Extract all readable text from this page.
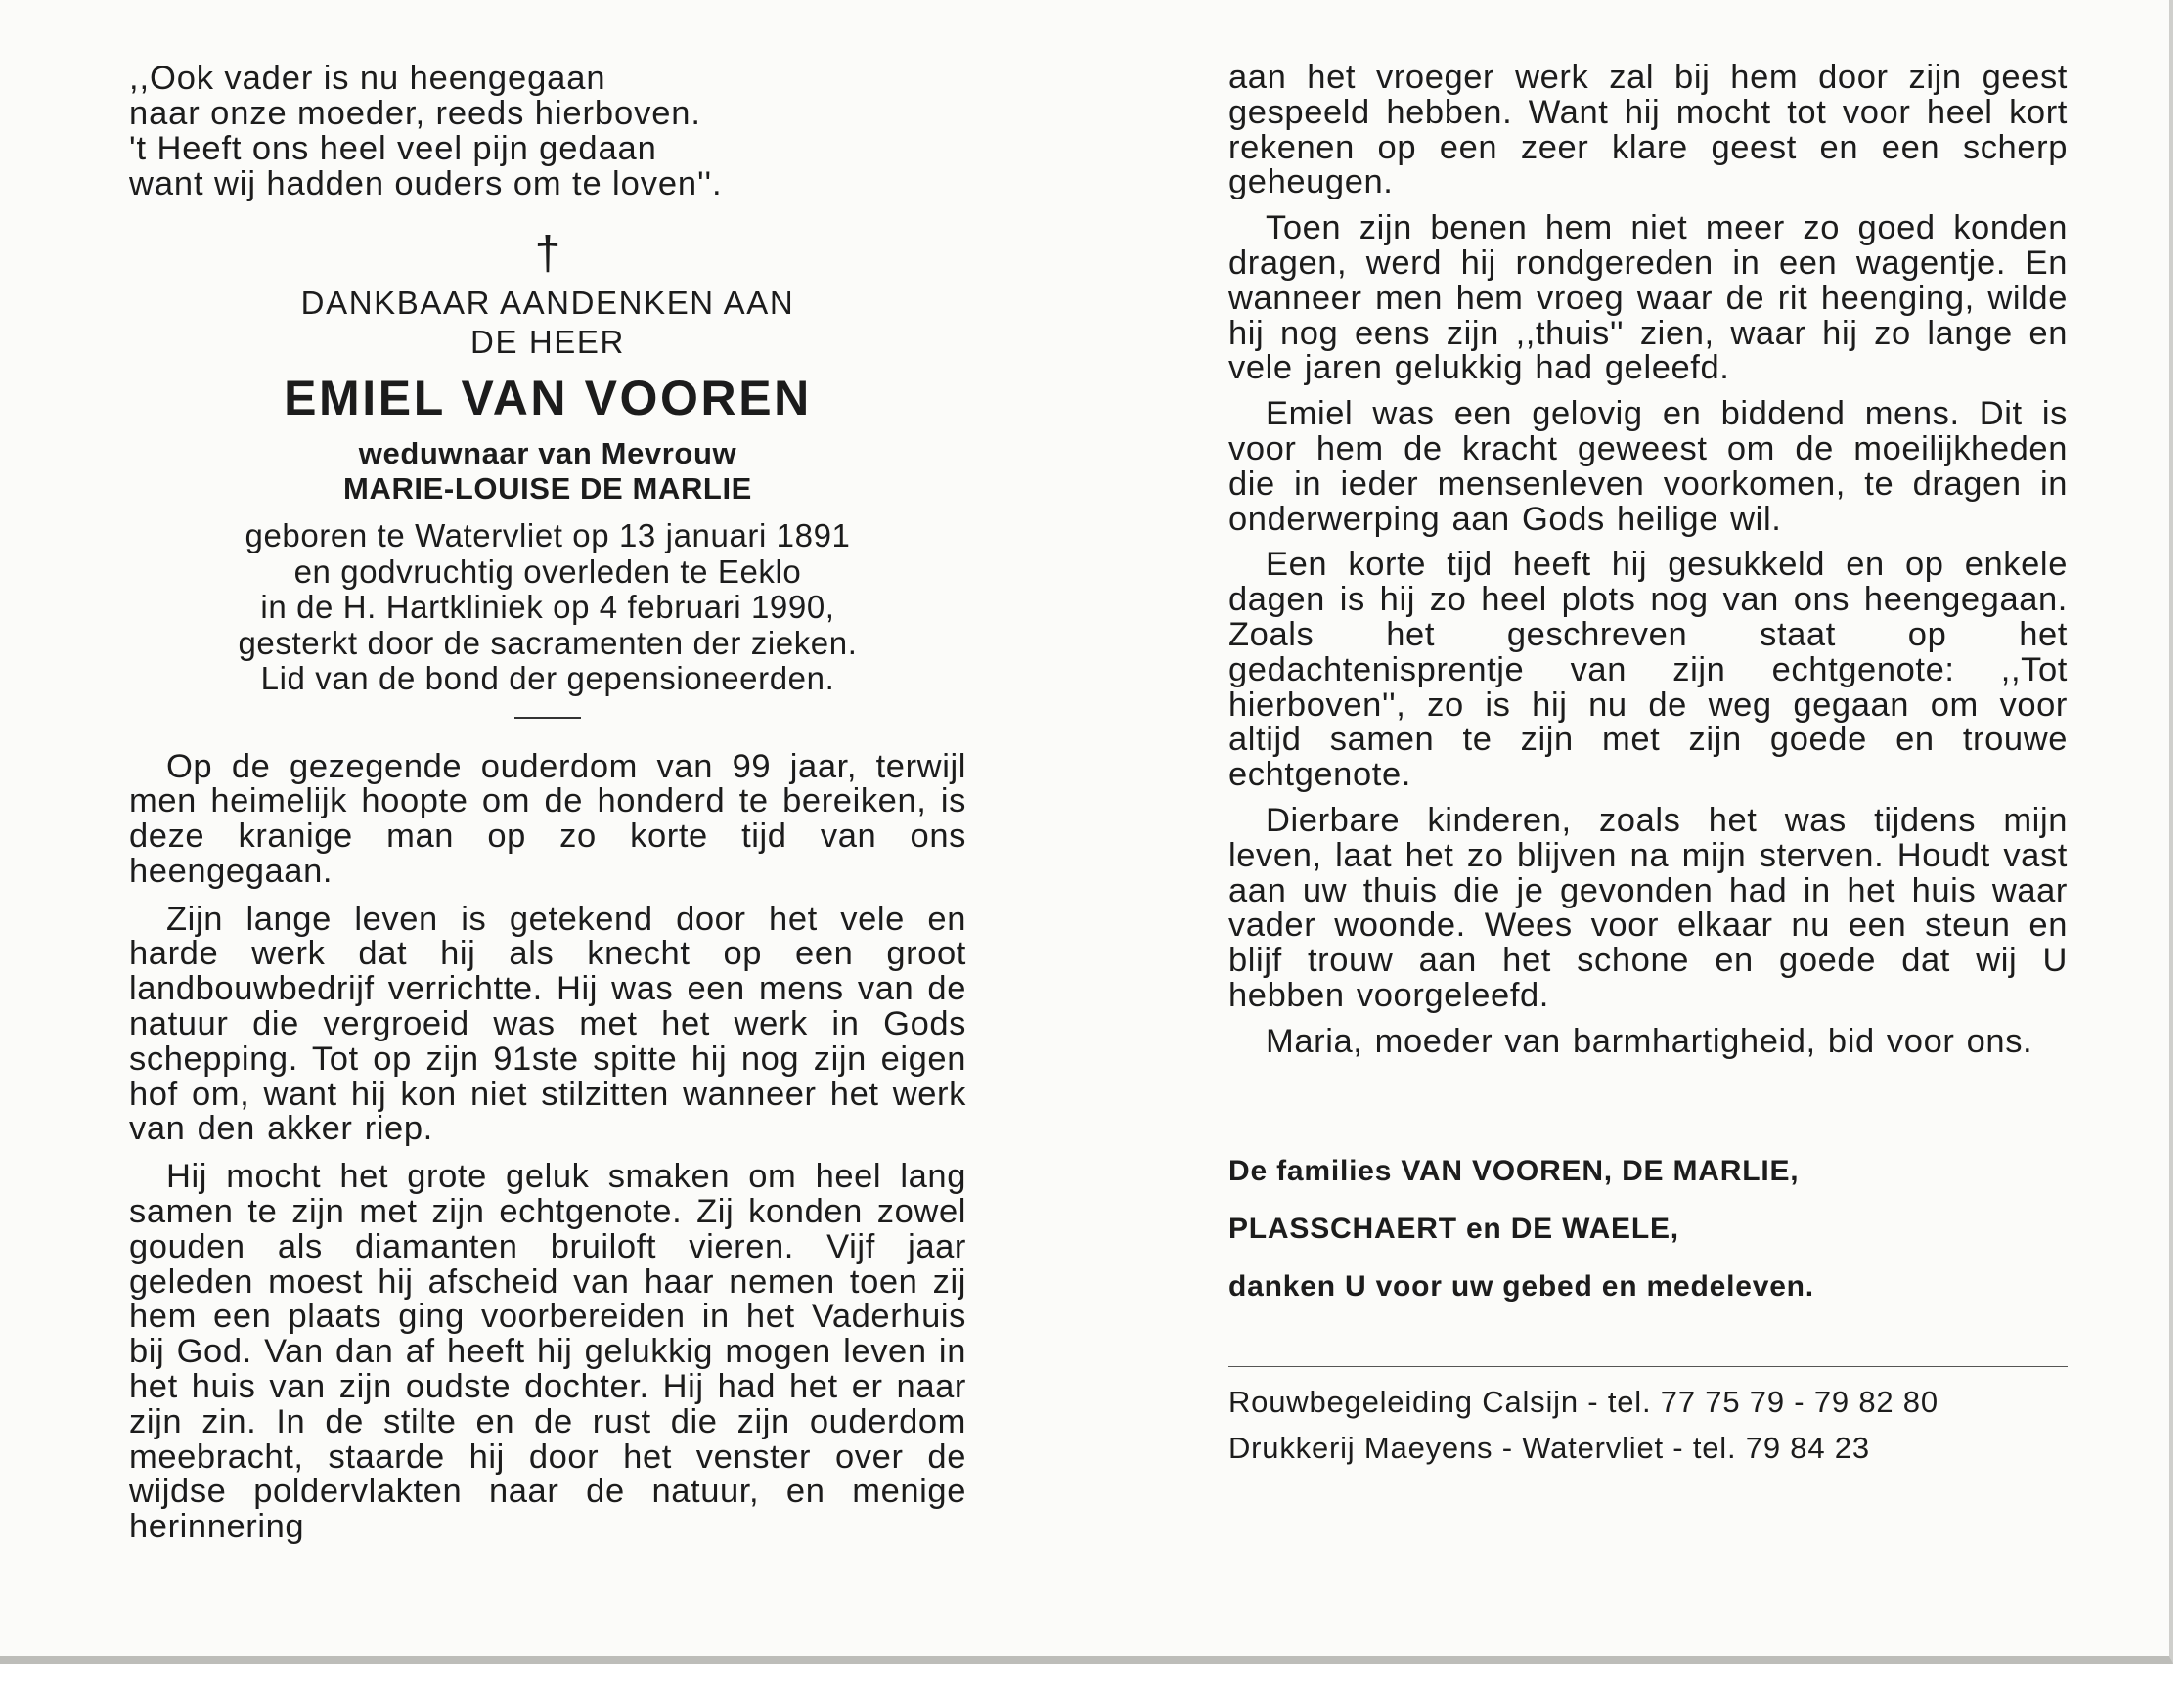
,,Ook vader is nu heengegaan

naar onze moeder, reeds hierboven.

't Heeft ons heel veel pijn gedaan

want wij hadden ouders om te loven''.

†

DANKBAAR AANDENKEN AAN

DE HEER

EMIEL VAN VOOREN

weduwnaar van Mevrouw

MARIE-LOUISE DE MARLIE

geboren te Watervliet op 13 januari 1891

en godvruchtig overleden te Eeklo

in de H. Hartkliniek op 4 februari 1990,

gesterkt door de sacramenten der zieken.

Lid van de bond der gepensioneerden.

Op de gezegende ouderdom van 99 jaar, terwijl men heimelijk hoopte om de honderd te bereiken, is deze kranige man op zo korte tijd van ons heengegaan.

Zijn lange leven is getekend door het vele en harde werk dat hij als knecht op een groot landbouwbedrijf verrichtte. Hij was een mens van de natuur die vergroeid was met het werk in Gods schepping. Tot op zijn 91ste spitte hij nog zijn eigen hof om, want hij kon niet stilzitten wanneer het werk van den akker riep.

Hij mocht het grote geluk smaken om heel lang samen te zijn met zijn echtgenote. Zij konden zowel gouden als diamanten bruiloft vieren. Vijf jaar geleden moest hij afscheid van haar nemen toen zij hem een plaats ging voorbereiden in het Vaderhuis bij God. Van dan af heeft hij gelukkig mogen leven in het huis van zijn oudste dochter. Hij had het er naar zijn zin. In de stilte en de rust die zijn ouderdom meebracht, staarde hij door het venster over de wijdse poldervlakten naar de natuur, en menige herinnering

aan het vroeger werk zal bij hem door zijn geest gespeeld hebben. Want hij mocht tot voor heel kort rekenen op een zeer klare geest en een scherp geheugen.

Toen zijn benen hem niet meer zo goed konden dragen, werd hij rondgereden in een wagentje. En wanneer men hem vroeg waar de rit heenging, wilde hij nog eens zijn ,,thuis'' zien, waar hij zo lange en vele jaren gelukkig had geleefd.

Emiel was een gelovig en biddend mens. Dit is voor hem de kracht geweest om de moeilijkheden die in ieder mensenleven voorkomen, te dragen in onderwerping aan Gods heilige wil.

Een korte tijd heeft hij gesukkeld en op enkele dagen is hij zo heel plots nog van ons heengegaan. Zoals het geschreven staat op het gedachtenisprentje van zijn echtgenote: ,,Tot hierboven'', zo is hij nu de weg gegaan om voor altijd samen te zijn met zijn goede en trouwe echtgenote.

Dierbare kinderen, zoals het was tijdens mijn leven, laat het zo blijven na mijn sterven. Houdt vast aan uw thuis die je gevonden had in het huis waar vader woonde. Wees voor elkaar nu een steun en blijf trouw aan het schone en goede dat wij U hebben voorgeleefd.

Maria, moeder van barmhartigheid, bid voor ons.

De families VAN VOOREN, DE MARLIE,

PLASSCHAERT en DE WAELE,

danken U voor uw gebed en medeleven.

Rouwbegeleiding Calsijn - tel. 77 75 79 - 79 82 80

Drukkerij Maeyens - Watervliet - tel. 79 84 23
